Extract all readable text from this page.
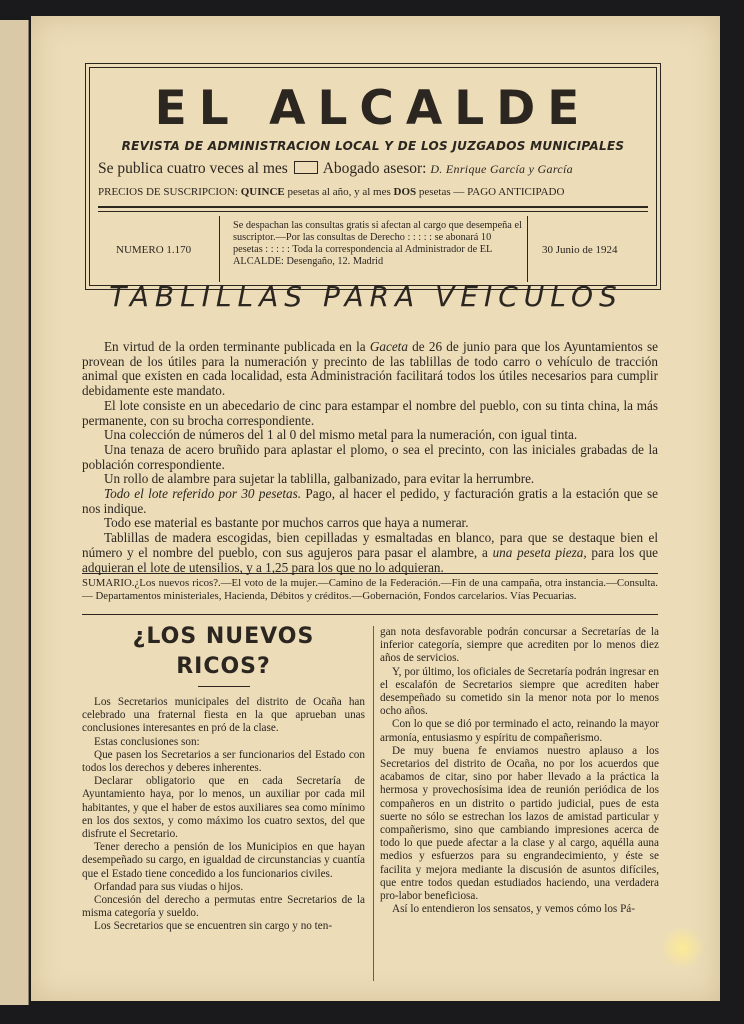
EL ALCALDE
REVISTA DE ADMINISTRACION LOCAL Y DE LOS JUZGADOS MUNICIPALES
Se publica cuatro veces al mes Abogado asesor: D. Enrique García y García
PRECIOS DE SUSCRIPCION: QUINCE pesetas al año, y al mes DOS pesetas — PAGO ANTICIPADO
NUMERO 1.170
Se despachan las consultas gratis si afectan al cargo que desempeña el suscriptor.—Por las consultas de Derecho : : : : : se abonará 10 pesetas : : : : : Toda la correspondencia al Administrador de EL ALCALDE: Desengaño, 12. Madrid
30 Junio de 1924
TABLILLAS PARA VEICULOS

En virtud de la orden terminante publicada en la Gaceta de 26 de junio para que los Ayuntamientos se provean de los útiles para la numeración y precinto de las tablillas de todo carro o vehículo de tracción animal que existen en cada localidad, esta Administración facilitará todos los útiles necesarios para cumplir debidamente este mandato.

El lote consiste en un abecedario de cinc para estampar el nombre del pueblo, con su tinta china, la más permanente, con su brocha correspondiente.

Una colección de números del 1 al 0 del mismo metal para la numeración, con igual tinta.

Una tenaza de acero bruñido para aplastar el plomo, o sea el precinto, con las iniciales grabadas de la población correspondiente.

Un rollo de alambre para sujetar la tablilla, galbanizado, para evitar la herrumbre.

Todo el lote referido por 30 pesetas. Pago, al hacer el pedido, y facturación gratis a la estación que se nos indique.

Todo ese material es bastante por muchos carros que haya a numerar.

Tablillas de madera escogidas, bien cepilladas y esmaltadas en blanco, para que se destaque bien el número y el nombre del pueblo, con sus agujeros para pasar el alambre, a una peseta pieza, para los que adquieran el lote de utensilios, y a 1,25 para los que no lo adquieran.

SUMARIO.¿Los nuevos ricos?.—El voto de la mujer.—Camino de la Federación.—Fin de una campaña, otra instancia.—Consulta.— Departamentos ministeriales, Hacienda, Débitos y créditos.—Gobernación, Fondos carcelarios. Vías Pecuarias.
¿LOS NUEVOS RICOS?

Los Secretarios municipales del distrito de Ocaña han celebrado una fraternal fiesta en la que aprueban unas conclusiones interesantes en pró de la clase.

Estas conclusiones son:

Que pasen los Secretarios a ser funcionarios del Estado con todos los derechos y deberes inherentes.

Declarar obligatorio que en cada Secretaría de Ayuntamiento haya, por lo menos, un auxiliar por cada mil habitantes, y que el haber de estos auxiliares sea como mínimo en los dos sextos, y como máximo los cuatro sextos, del que disfrute el Secretario.

Tener derecho a pensión de los Municipios en que hayan desempeñado su cargo, en igualdad de circunstancias y cuantía que el Estado tiene concedido a los funcionarios civiles.

Orfandad para sus viudas o hijos.

Concesión del derecho a permutas entre Secretarios de la misma categoría y sueldo.

Los Secretarios que se encuentren sin cargo y no ten-

gan nota desfavorable podrán concursar a Secretarías de la inferior categoría, siempre que acrediten por lo menos diez años de servicios.

Y, por último, los oficiales de Secretaría podrán ingresar en el escalafón de Secretarios siempre que acrediten haber desempeñado su cometido sin la menor nota por lo menos ocho años.

Con lo que se dió por terminado el acto, reinando la mayor armonía, entusiasmo y espíritu de compañerismo.

De muy buena fe enviamos nuestro aplauso a los Secretarios del distrito de Ocaña, no por los acuerdos que acabamos de citar, sino por haber llevado a la práctica la hermosa y provechosísima idea de reunión periódica de los compañeros en un distrito o partido judicial, pues de esta suerte no sólo se estrechan los lazos de amistad particular y compañerismo, sino que cambiando impresiones acerca de todo lo que puede afectar a la clase y al cargo, aquélla auna medios y esfuerzos para su engrandecimiento, y éste se facilita y mejora mediante la discusión de asuntos difíciles, que entre todos quedan estudiados haciendo, una verdadera pro-labor beneficiosa.

Así lo entendieron los sensatos, y vemos cómo los Pá-
